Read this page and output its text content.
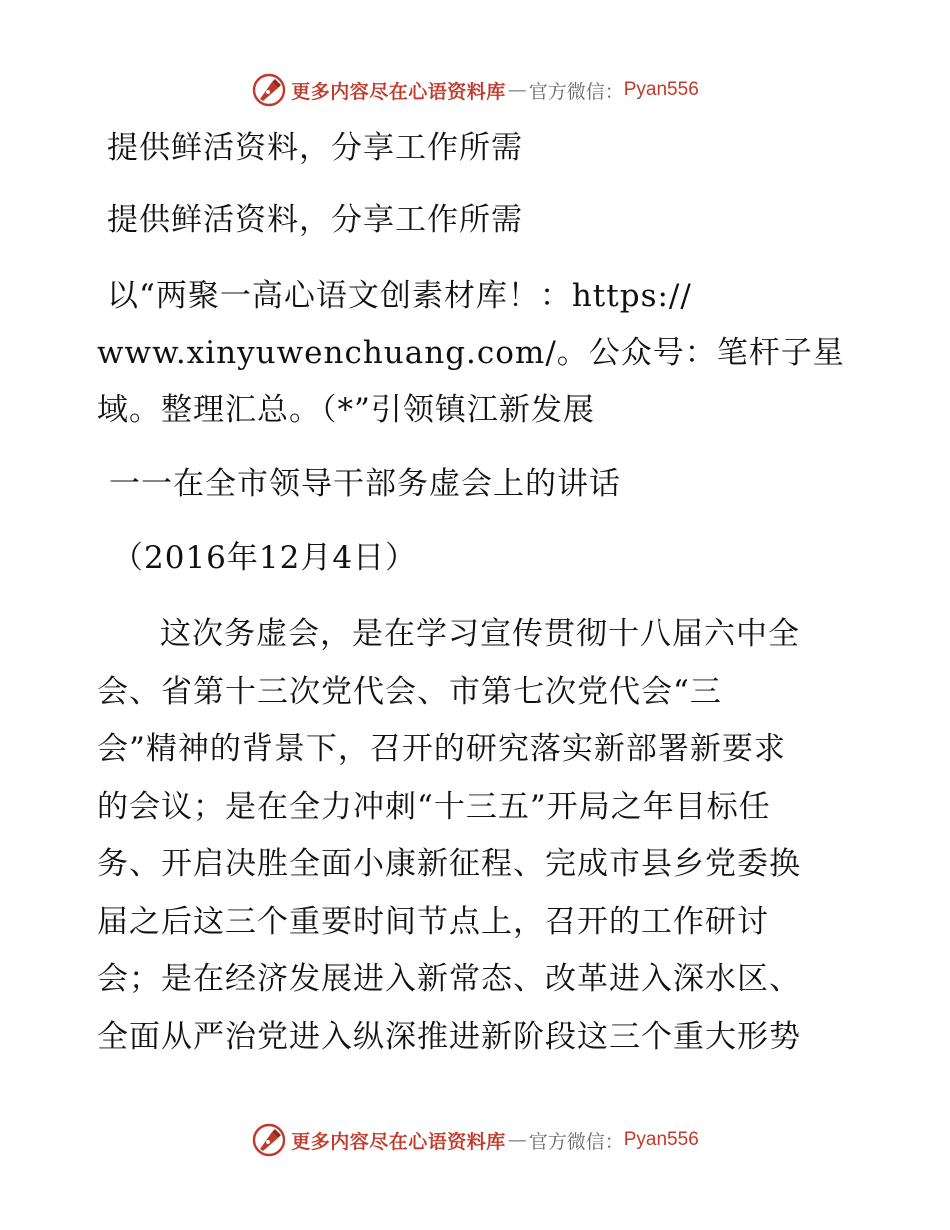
更多内容尽在心语资料库 — 官方微信： Pyan556

提供鲜活资料，分享工作所需

提供鲜活资料，分享工作所需

以“两聚一高心语文创素材库！：https://

www.xinyuwenchuang.com/。公众号：笔杆子星

域。整理汇总。（*”引领镇江新发展

一一在全市领导干部务虚会上的讲话

（2016年12月4日）

这次务虚会，是在学习宣传贯彻十八届六中全

会、省第十三次党代会、市第七次党代会“三

会”精神的背景下，召开的研究落实新部署新要求

的会议；是在全力冲刺“十三五”开局之年目标任

务、开启决胜全面小康新征程、完成市县乡党委换

届之后这三个重要时间节点上，召开的工作研讨

会；是在经济发展进入新常态、改革进入深水区、

全面从严治党进入纵深推进新阶段这三个重大形势

更多内容尽在心语资料库 — 官方微信： Pyan556
